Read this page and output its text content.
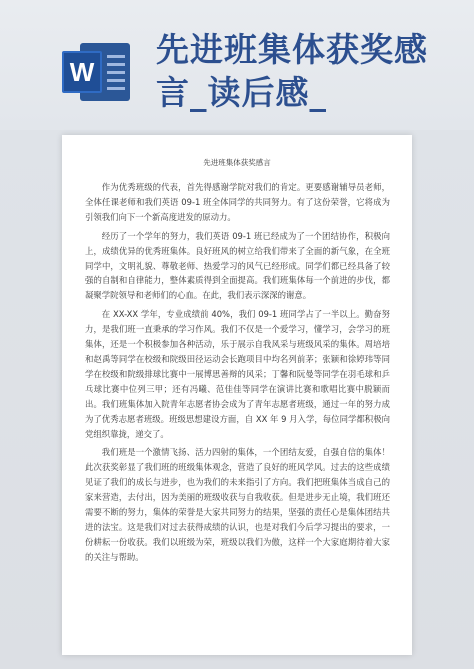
W
先进班集体获奖感
言_读后感_
先进班集体获奖感言

作为优秀班级的代表，首先得感谢学院对我们的肯定。更要感谢辅导员老师，全体任课老师和我们英语 09-1 班全体同学的共同努力。有了这份荣誉，它将成为引领我们向下一个新高度进发的原动力。

经历了一个学年的努力，我们英语 09-1 班已经成为了一个团结协作，积极向上，成绩优异的优秀班集体。良好班风的树立给我们带来了全面的新气象，在全班同学中，文明礼貌、尊敬老师、热爱学习的风气已经形成。同学们都已经具备了较强的自制和自律能力，整体素质得到全面提高。我们班集体每一个前进的步伐，都凝聚学院领导和老师们的心血。在此，我们表示深深的谢意。

在 XX-XX 学年，专业成绩前 40%，我们 09-1 班同学占了一半以上。勤奋努力，是我们班一直秉承的学习作风。我们不仅是一个爱学习，懂学习，会学习的班集体，还是一个积极参加各种活动，乐于展示自我风采与班级风采的集体。周培培和赵禹等同学在校级和院级田径运动会长跑项目中均名列前茅；张颖和徐婷玮等同学在校级和院级排球比赛中一展博思善辩的风采；丁馨和阮曼等同学在羽毛球和乒乓球比赛中位列三甲；还有冯曦、范佳佳等同学在演讲比赛和歌唱比赛中脱颖而出。我们班集体加入院青年志愿者协会成为了青年志愿者班级，通过一年的努力成为了优秀志愿者班级。班级思想建设方面，自 XX 年 9 月入学，每位同学都积极向党组织靠拢，递交了。

我们班是一个激情飞扬、活力四射的集体，一个团结友爱，自强自信的集体！此次获奖彰显了我们班的班级集体观念，营造了良好的班风学风。过去的这些成绩见证了我们的成长与进步，也为我们的未来指引了方向。我们把班集体当成自己的家来营造，去付出，因为美丽的班级收获与自我收获。但是进步无止境，我们班还需要不断的努力，集体的荣誉是大家共同努力的结果，坚强的责任心是集体团结共进的法宝。这是我们对过去获得成绩的认识，也是对我们今后学习提出的要求，一份耕耘一份收获。我们以班级为荣，班级以我们为傲，这样一个大家庭期待着大家的关注与帮助。
